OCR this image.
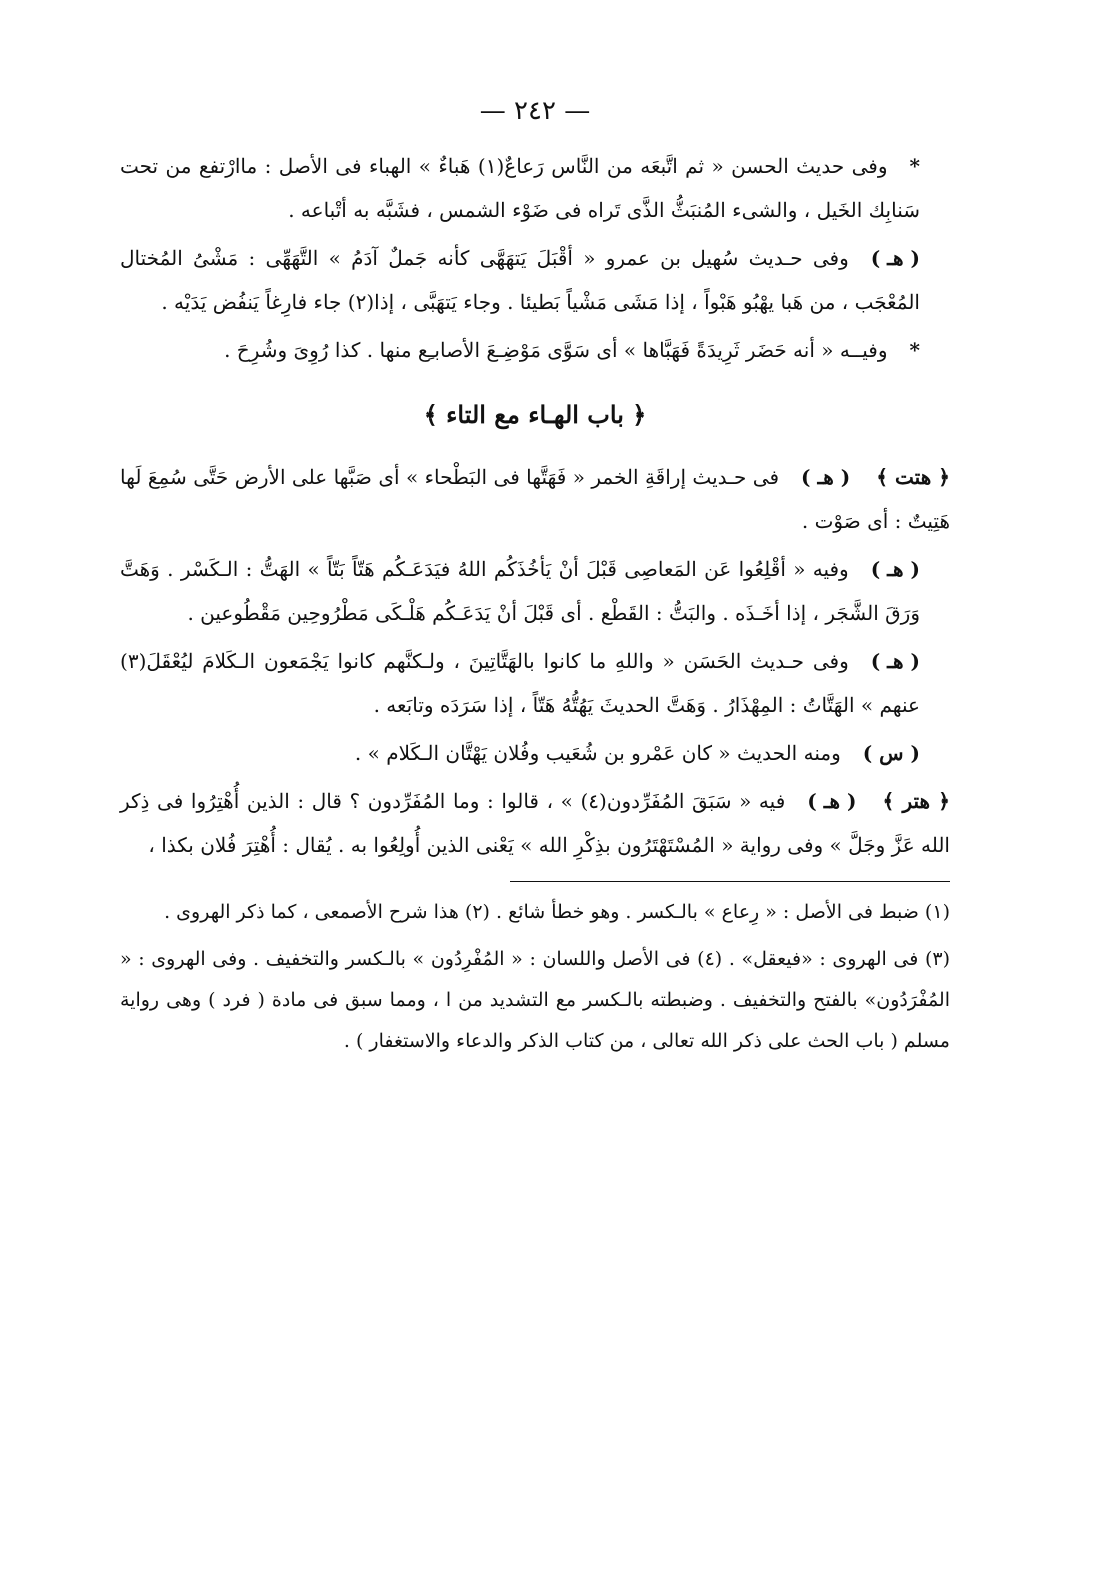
— ٢٤٢ —

*وفى حديث الحسن « ثم اتَّبعَه من النَّاس رَعاعٌ(١) هَباءٌ » الهباء فى الأصل : ماارْتفع من تحت سَنابِك الخَيل ، والشىء المُنبَثُّ الذَّى تَراه فى ضَوْء الشمس ، فشَبَّه به أتْباعه .

( هـ )وفى حـديث سُهيل بن عمرو « أقْبَلَ يَتهَهَّى كأنه جَملٌ آدَمُ » التَّهَهِّى : مَشْىُ المُختال المُعْجَب ، من هَبا يهْبُو هَبْواً ، إذا مَشَى مَشْياً بَطيئا . وجاء يَتهَبَّى ، إذا(٢) جاء فارِغاً يَنفُض يَدَيْه .

*وفيــه « أنه حَضَر ثَرِيدَةً فَهَبَّاها » أى سَوَّى مَوْضِـعَ الأصابـِع منها . كذا رُوِىَ وشُرِحَ .

﴿ باب الهـاء مع التاء ﴾

﴿ هتت ﴾( هـ )فى حـديث إراقَةِ الخمر « فَهَتَّها فى البَطْحاء » أى صَبَّها على الأرض حَتَّى سُمِعَ لَها هَتِيتٌ : أى صَوْت .

( هـ )وفيه « أقْلِعُوا عَن المَعاصِى قَبْلَ أنْ يَأخُذَكُم اللهُ فيَدَعَـكُم هَتّاً بَتّاً » الهَتُّ : الـكَسْر . وَهَتَّ وَرَقَ الشَّجَر ، إذا أخَـذَه . والبَتُّ : القَطْع . أى قَبْلَ أنْ يَدَعَـكُم هَلْـكَى مَطْرُوحِين مَقْطُوعين .

( هـ )وفى حـديث الحَسَن « واللهِ ما كانوا بالهَتَّاتِينَ ، ولـكنَّهم كانوا يَجْمَعون الـكَلامَ ليُعْقَلَ(٣) عنهم » الهَتَّاتُ : المِهْذَارُ . وَهَتَّ الحديثَ يَهُتُّهُ هَتّاً ، إذا سَرَدَه وتابَعه .

( س )ومنه الحديث « كان عَمْرو بن شُعَيب وفُلان يَهْتَّان الـكَلام » .

﴿ هتر ﴾( هـ )فيه « سَبَقَ المُفَرِّدون(٤) » ، قالوا : وما المُفَرِّدون ؟ قال : الذين أُهْتِرُوا فى ذِكر الله عَزَّ وجَلَّ » وفى رواية « المُسْتَهْتَرُون بذِكْرِ الله » يَعْنى الذين أُولِعُوا به . يُقال : أُهْتِرَ فُلان بكذا ،

(١) ضبط فى الأصل : « رِعاع » بالـكسر . وهو خطأ شائع . (٢) هذا شرح الأصمعى ، كما ذكر الهروى .

(٣) فى الهروى : «فيعقل» . (٤) فى الأصل واللسان : « المُفْرِدُون » بالـكسر والتخفيف . وفى الهروى : « المُفْرَدُون» بالفتح والتخفيف . وضبطته بالـكسر مع التشديد من ا ، ومما سبق فى مادة ( فرد ) وهى رواية مسلم ( باب الحث على ذكر الله تعالى ، من كتاب الذكر والدعاء والاستغفار ) .
